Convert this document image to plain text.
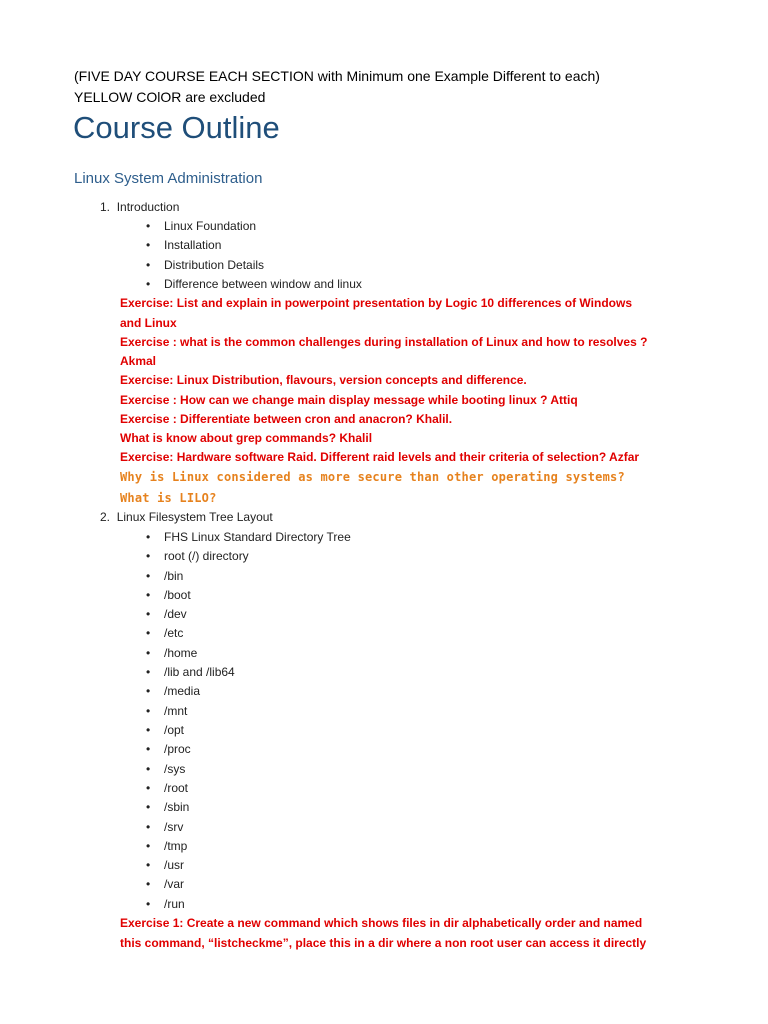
(FIVE DAY COURSE EACH SECTION with Minimum one Example Different to each)
YELLOW COlOR are excluded
Course Outline
Linux System Administration
1. Introduction
•	Linux Foundation
•	Installation
•	Distribution Details
•	Difference between window and linux
Exercise: List and explain in powerpoint presentation by Logic 10 differences of Windows
and Linux
Exercise : what is the common challenges during installation of Linux and how to resolves ?
Akmal
Exercise: Linux Distribution, flavours, version concepts and difference.
Exercise : How can we change main display message while booting linux ? Attiq
Exercise : Differentiate between cron and anacron? Khalil.
What is know about grep commands? Khalil
Exercise: Hardware software Raid. Different raid levels and their criteria of selection? Azfar
Why is Linux considered as more secure than other operating systems?
What is LILO?
2. Linux Filesystem Tree Layout
•	FHS Linux Standard Directory Tree
•	root (/) directory
•	/bin
•	/boot
•	/dev
•	/etc
•	/home
•	/lib and /lib64
•	/media
•	/mnt
•	/opt
•	/proc
•	/sys
•	/root
•	/sbin
•	/srv
•	/tmp
•	/usr
•	/var
•	/run
Exercise 1: Create a new command which shows files in dir alphabetically order and named
this command, “listcheckme”, place this in a dir where a non root user can access it directly
